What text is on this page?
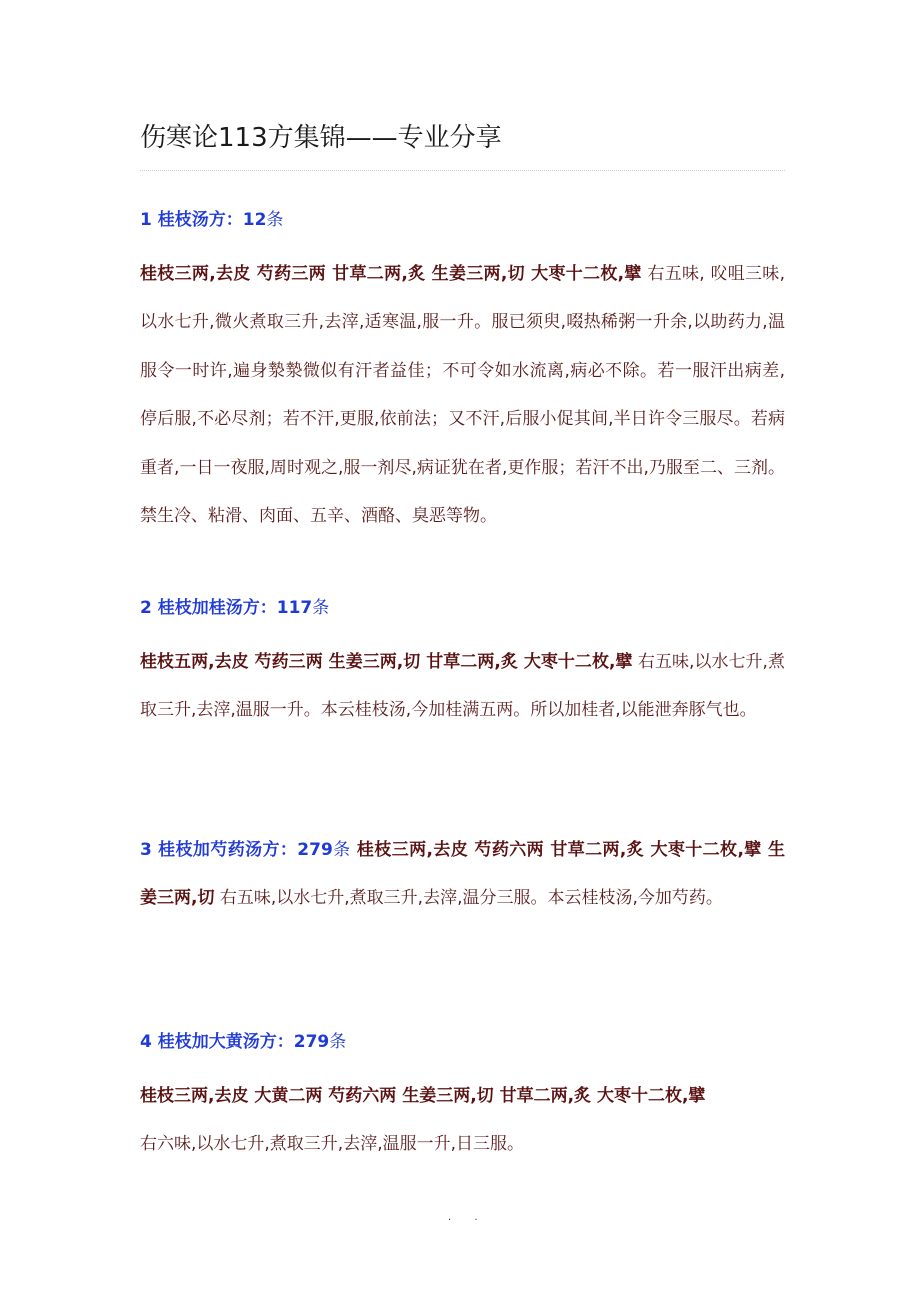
伤寒论113方集锦——专业分享
1 桂枝汤方：12条

桂枝三两,去皮 芍药三两 甘草二两,炙 生姜三两,切 大枣十二枚,擘 右五味, 㕮咀三味,以水七升,微火煮取三升,去滓,适寒温,服一升。服已须臾,啜热稀粥一升余,以助药力,温服令一时许,遍身漐漐微似有汗者益佳；不可令如水流离,病必不除。若一服汗出病差,停后服,不必尽剂；若不汗,更服,依前法；又不汗,后服小促其间,半日许令三服尽。若病重者,一日一夜服,周时观之,服一剂尽,病证犹在者,更作服；若汗不出,乃服至二、三剂。禁生冷、粘滑、肉面、五辛、酒酪、臭恶等物。

2 桂枝加桂汤方：117条

桂枝五两,去皮 芍药三两 生姜三两,切 甘草二两,炙 大枣十二枚,擘 右五味,以水七升,煮取三升,去滓,温服一升。本云桂枝汤,今加桂满五两。所以加桂者,以能泄奔豚气也。

3 桂枝加芍药汤方：279条 桂枝三两,去皮 芍药六两 甘草二两,炙 大枣十二枚,擘 生姜三两,切 右五味,以水七升,煮取三升,去滓,温分三服。本云桂枝汤,今加芍药。

4 桂枝加大黄汤方：279条

桂枝三两,去皮 大黄二两 芍药六两 生姜三两,切 甘草二两,炙 大枣十二枚,擘
右六味,以水七升,煮取三升,去滓,温服一升,日三服。

. .
